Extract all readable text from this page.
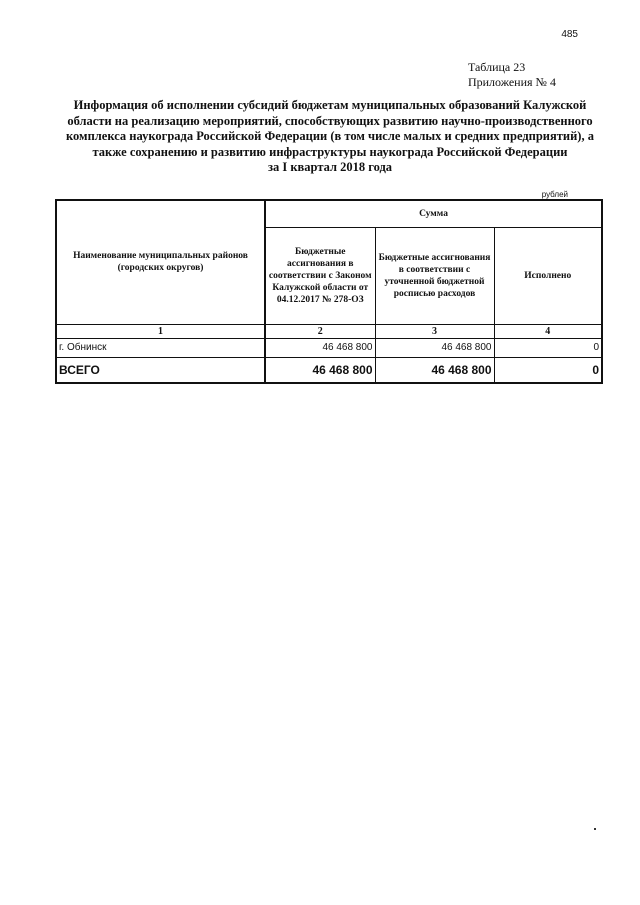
485
Таблица 23
Приложения № 4
Информация об исполнении субсидий бюджетам муниципальных образований Калужской
области на реализацию мероприятий, способствующих развитию научно-производственного
комплекса наукограда Российской Федерации (в том числе малых и средних предприятий), а
также сохранению и развитию инфраструктуры наукограда Российской Федерации
за I квартал 2018 года
рублей
Наименование муниципальных районов (городских округов)	Сумма		
	Бюджетные ассигнования в соответствии с Законом Калужской области от 04.12.2017 № 278-ОЗ	Бюджетные ассигнования в соответствии с уточненной бюджетной росписью расходов	Исполнено
1	2	3	4
г. Обнинск	46 468 800	46 468 800	0
ВСЕГО	46 468 800	46 468 800	0
